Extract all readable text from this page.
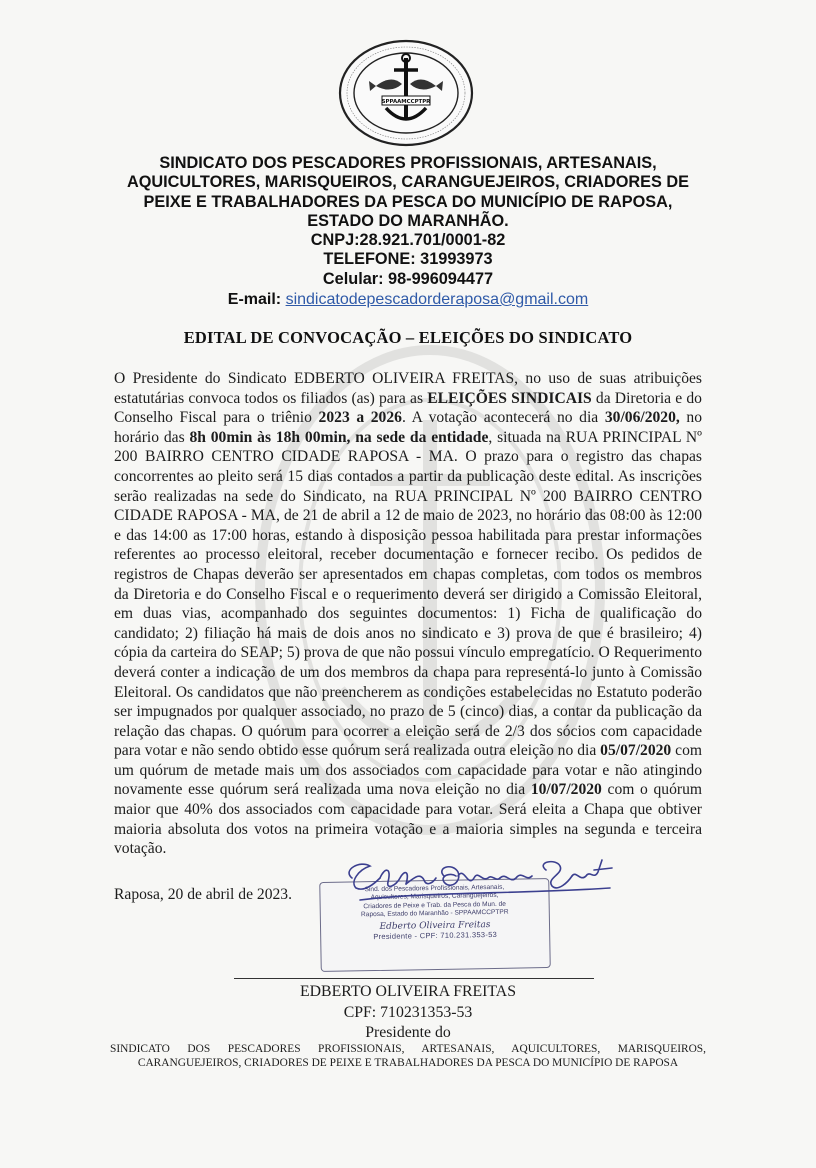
SPPAAMCCPTPR
SINDICATO DOS PESCADORES PROFISSIONAIS, ARTESANAIS,
AQUICULTORES, MARISQUEIROS, CARANGUEJEIROS, CRIADORES DE
PEIXE E TRABALHADORES DA PESCA DO MUNICÍPIO DE RAPOSA,
ESTADO DO MARANHÃO.
CNPJ:28.921.701/0001-82
TELEFONE: 31993973
Celular: 98-996094477
E-mail: sindicatodepescadorderaposa@gmail.com
EDITAL DE CONVOCAÇÃO – ELEIÇÕES DO SINDICATO
O Presidente do Sindicato EDBERTO OLIVEIRA FREITAS, no uso de suas atribuições estatutárias convoca todos os filiados (as) para as ELEIÇÕES SINDICAIS da Diretoria e do Conselho Fiscal para o triênio 2023 a 2026. A votação acontecerá no dia 30/06/2020, no horário das 8h 00min às 18h 00min, na sede da entidade, situada na RUA PRINCIPAL Nº 200 BAIRRO CENTRO CIDADE RAPOSA - MA. O prazo para o registro das chapas concorrentes ao pleito será 15 dias contados a partir da publicação deste edital. As inscrições serão realizadas na sede do Sindicato, na RUA PRINCIPAL Nº 200 BAIRRO CENTRO CIDADE RAPOSA - MA, de 21 de abril a 12 de maio de 2023, no horário das 08:00 às 12:00 e das 14:00 as 17:00 horas, estando à disposição pessoa habilitada para prestar informações referentes ao processo eleitoral, receber documentação e fornecer recibo. Os pedidos de registros de Chapas deverão ser apresentados em chapas completas, com todos os membros da Diretoria e do Conselho Fiscal e o requerimento deverá ser dirigido a Comissão Eleitoral, em duas vias, acompanhado dos seguintes documentos: 1) Ficha de qualificação do candidato; 2) filiação há mais de dois anos no sindicato e 3) prova de que é brasileiro; 4) cópia da carteira do SEAP; 5) prova de que não possui vínculo empregatício. O Requerimento deverá conter a indicação de um dos membros da chapa para representá-lo junto à Comissão Eleitoral. Os candidatos que não preencherem as condições estabelecidas no Estatuto poderão ser impugnados por qualquer associado, no prazo de 5 (cinco) dias, a contar da publicação da relação das chapas. O quórum para ocorrer a eleição será de 2/3 dos sócios com capacidade para votar e não sendo obtido esse quórum será realizada outra eleição no dia 05/07/2020 com um quórum de metade mais um dos associados com capacidade para votar e não atingindo novamente esse quórum será realizada uma nova eleição no dia 10/07/2020 com o quórum maior que 40% dos associados com capacidade para votar. Será eleita a Chapa que obtiver maioria absoluta dos votos na primeira votação e a maioria simples na segunda e terceira votação.
Raposa, 20 de abril de 2023.	Sind. dos Pescadores Profissionais, Artesanais,
Aquicultores, Marisqueiros, Caranguejeiros,
Criadores de Peixe e Trab. da Pesca do Mun. de
Raposa, Estado do Maranhão - SPPAAMCCPTPR
Edberto Oliveira Freitas
Presidente - CPF: 710.231.353-53
EDBERTO OLIVEIRA FREITAS
CPF: 710231353-53
Presidente do
SINDICATO DOS PESCADORES PROFISSIONAIS, ARTESANAIS, AQUICULTORES, MARISQUEIROS, CARANGUEJEIROS, CRIADORES DE PEIXE E TRABALHADORES DA PESCA DO MUNICÍPIO DE RAPOSA
